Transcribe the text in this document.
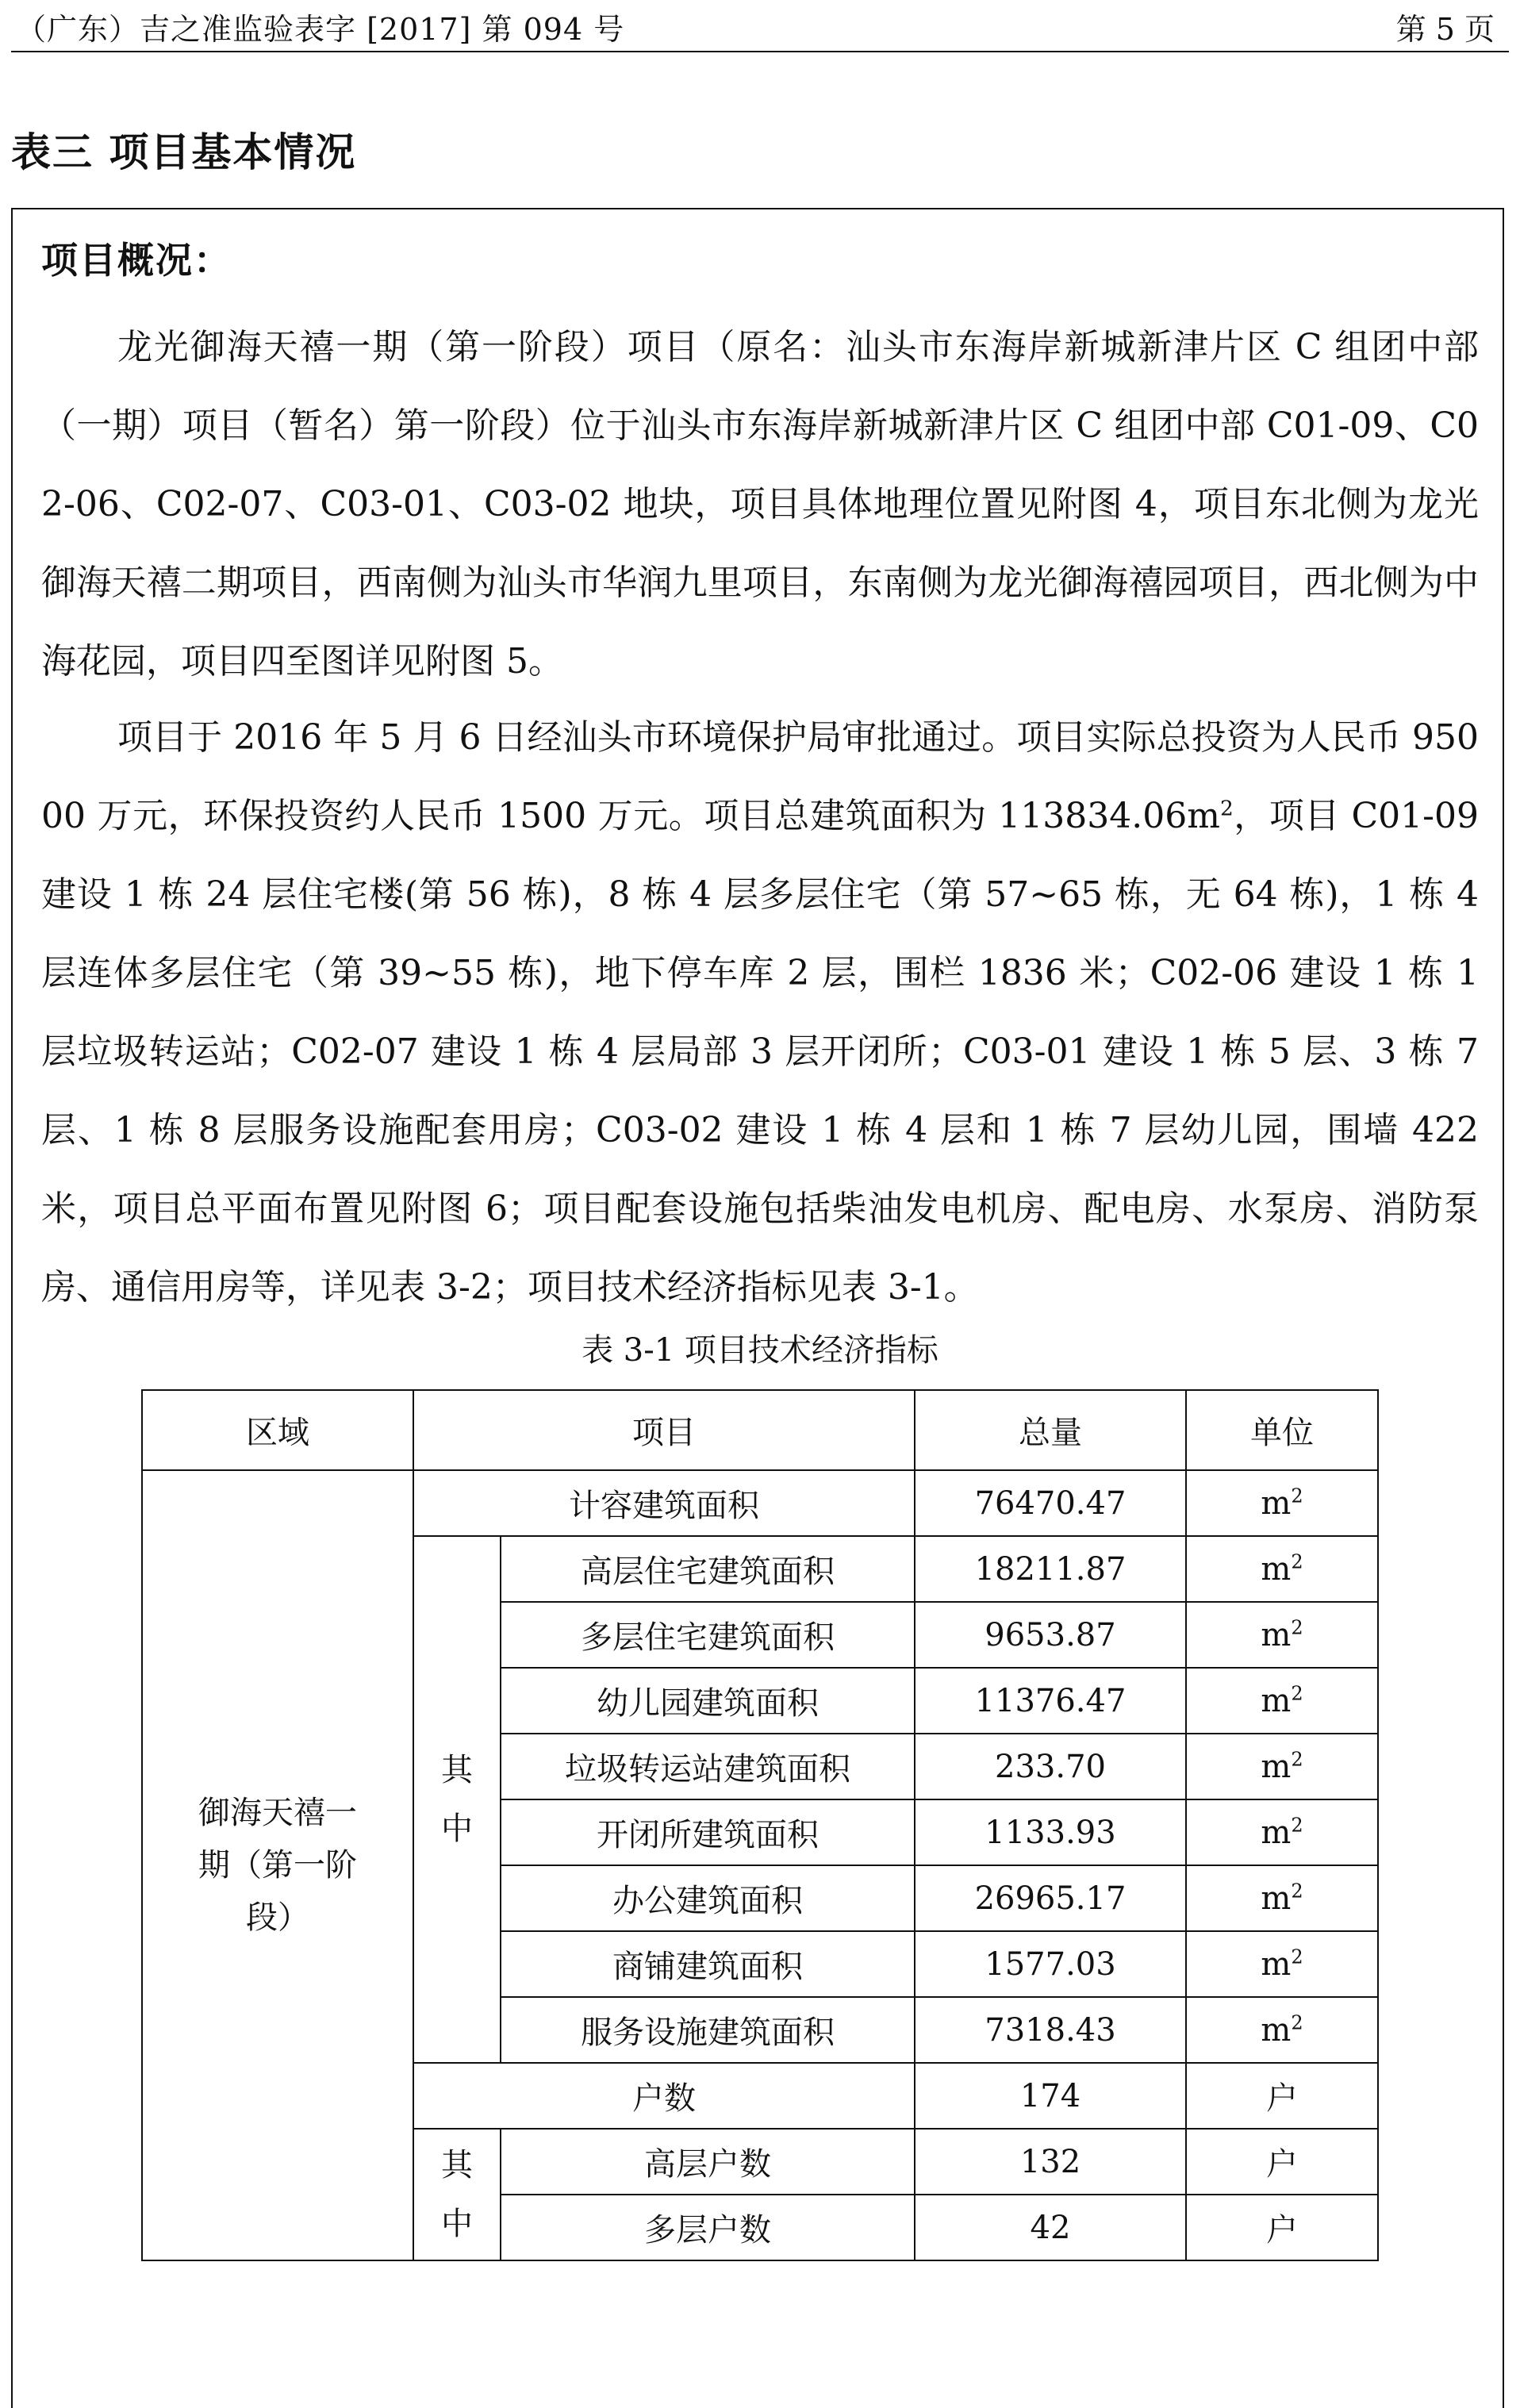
（广东）吉之准监验表字 [2017] 第 094 号	第 5 页
表三 项目基本情况
项目概况：

龙光御海天禧一期（第一阶段）项目（原名：汕头市东海岸新城新津片区 C 组团中部（一期）项目（暂名）第一阶段）位于汕头市东海岸新城新津片区 C 组团中部 C01-09、C02-06、C02-07、C03-01、C03-02 地块，项目具体地理位置见附图 4，项目东北侧为龙光御海天禧二期项目，西南侧为汕头市华润九里项目，东南侧为龙光御海禧园项目，西北侧为中海花园，项目四至图详见附图 5。

项目于 2016 年 5 月 6 日经汕头市环境保护局审批通过。项目实际总投资为人民币 95000 万元，环保投资约人民币 1500 万元。项目总建筑面积为 $113834.06m^2$，项目 C01-09 建设 1 栋 24 层住宅楼(第 56 栋)，8 栋 4 层多层住宅（第 57~65 栋，无 64 栋)，1 栋 4 层连体多层住宅（第 39~55 栋)，地下停车库 2 层，围栏 1836 米；C02-06 建设 1 栋 1 层垃圾转运站；C02-07 建设 1 栋 4 层局部 3 层开闭所；C03-01 建设 1 栋 5 层、3 栋 7 层、1 栋 8 层服务设施配套用房；C03-02 建设 1 栋 4 层和 1 栋 7 层幼儿园，围墙 422 米，项目总平面布置见附图 6；项目配套设施包括柴油发电机房、配电房、水泵房、消防泵房、通信用房等，详见表 3-2；项目技术经济指标见表 3-1。

表 3-1 项目技术经济指标
区域	项目		总量	单位

御海天禧一期（第一阶段）	计容建筑面积		76470.47	$m^2$

	其中	高层住宅建筑面积	18211.87	$m^2$
		多层住宅建筑面积	9653.87	$m^2$
		幼儿园建筑面积	11376.47	$m^2$
		垃圾转运站建筑面积	233.70	$m^2$
		开闭所建筑面积	1133.93	$m^2$
		办公建筑面积	26965.17	$m^2$
		商铺建筑面积	1577.03	$m^2$
		服务设施建筑面积	7318.43	$m^2$
	户数		174	户

	其中	高层户数	132	户
		多层户数	42	户
